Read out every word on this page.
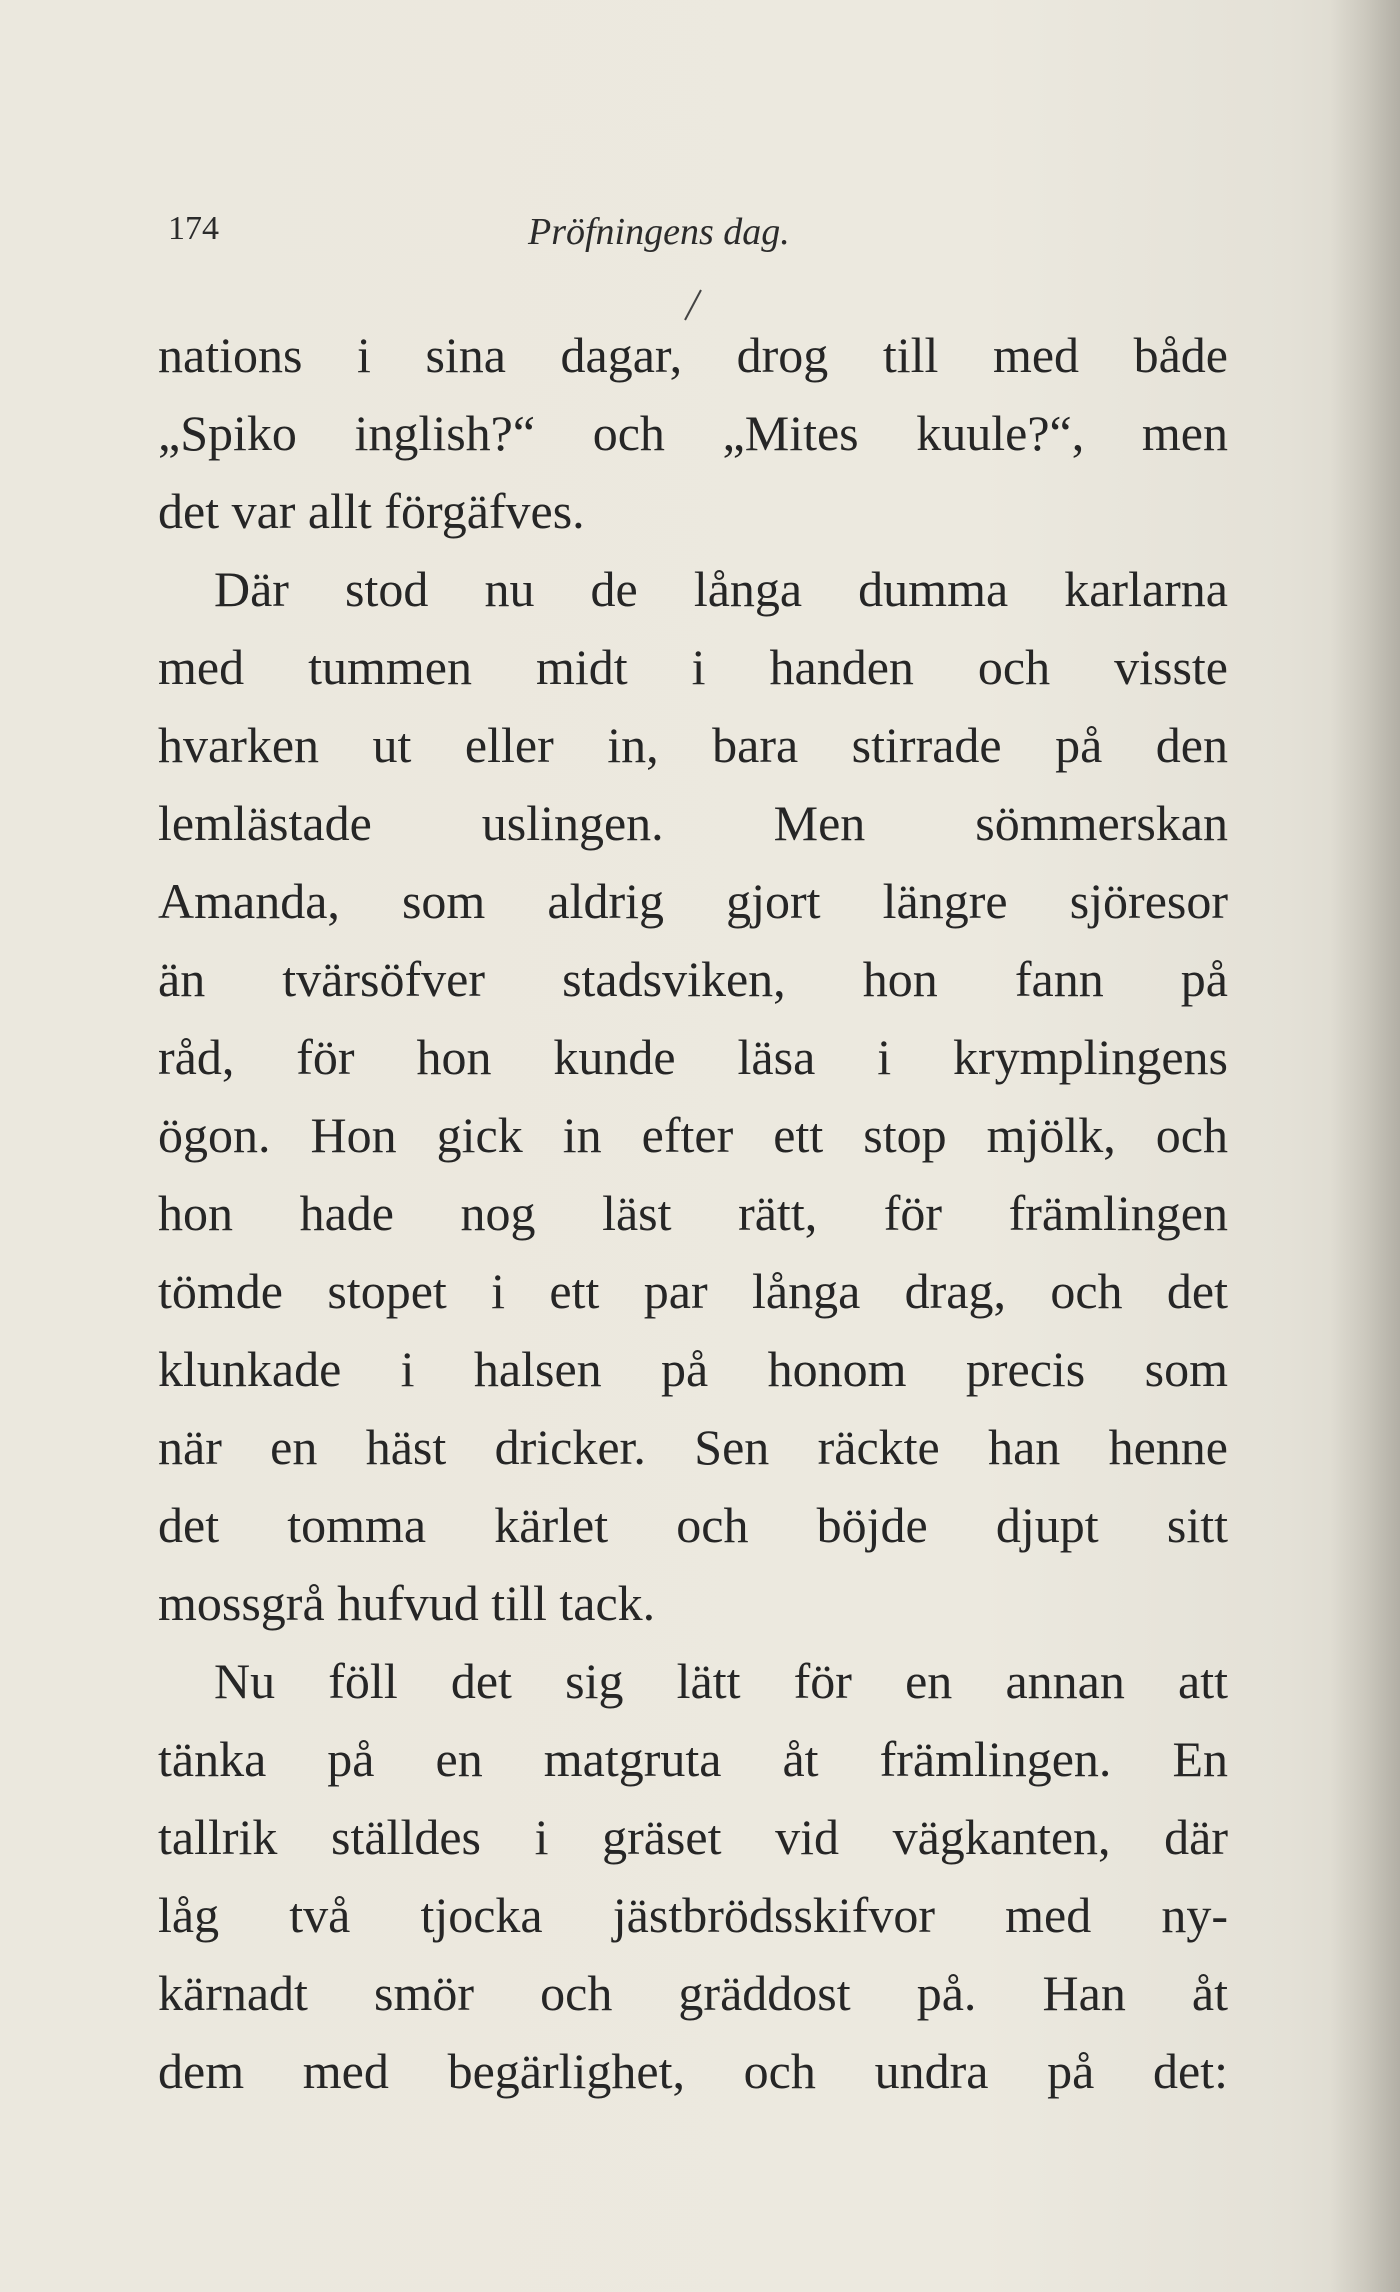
174	Pröfningens dag.
nations i sina dagar, drog till med både
„Spiko inglish?“ och „Mites kuule?“, men
det var allt förgäfves.
Där stod nu de långa dumma karlarna
med tummen midt i handen och visste
hvarken ut eller in, bara stirrade på den
lemlästade uslingen. Men sömmerskan
Amanda, som aldrig gjort längre sjöresor
än tvärsöfver stadsviken, hon fann på
råd, för hon kunde läsa i krymplingens
ögon. Hon gick in efter ett stop mjölk, och
hon hade nog läst rätt, för främlingen
tömde stopet i ett par långa drag, och det
klunkade i halsen på honom precis som
när en häst dricker. Sen räckte han henne
det tomma kärlet och böjde djupt sitt
mossgrå hufvud till tack.
Nu föll det sig lätt för en annan att
tänka på en matgruta åt främlingen. En
tallrik ställdes i gräset vid vägkanten, där
låg två tjocka jästbrödsskifvor med ny-
kärnadt smör och gräddost på. Han åt
dem med begärlighet, och undra på det:
